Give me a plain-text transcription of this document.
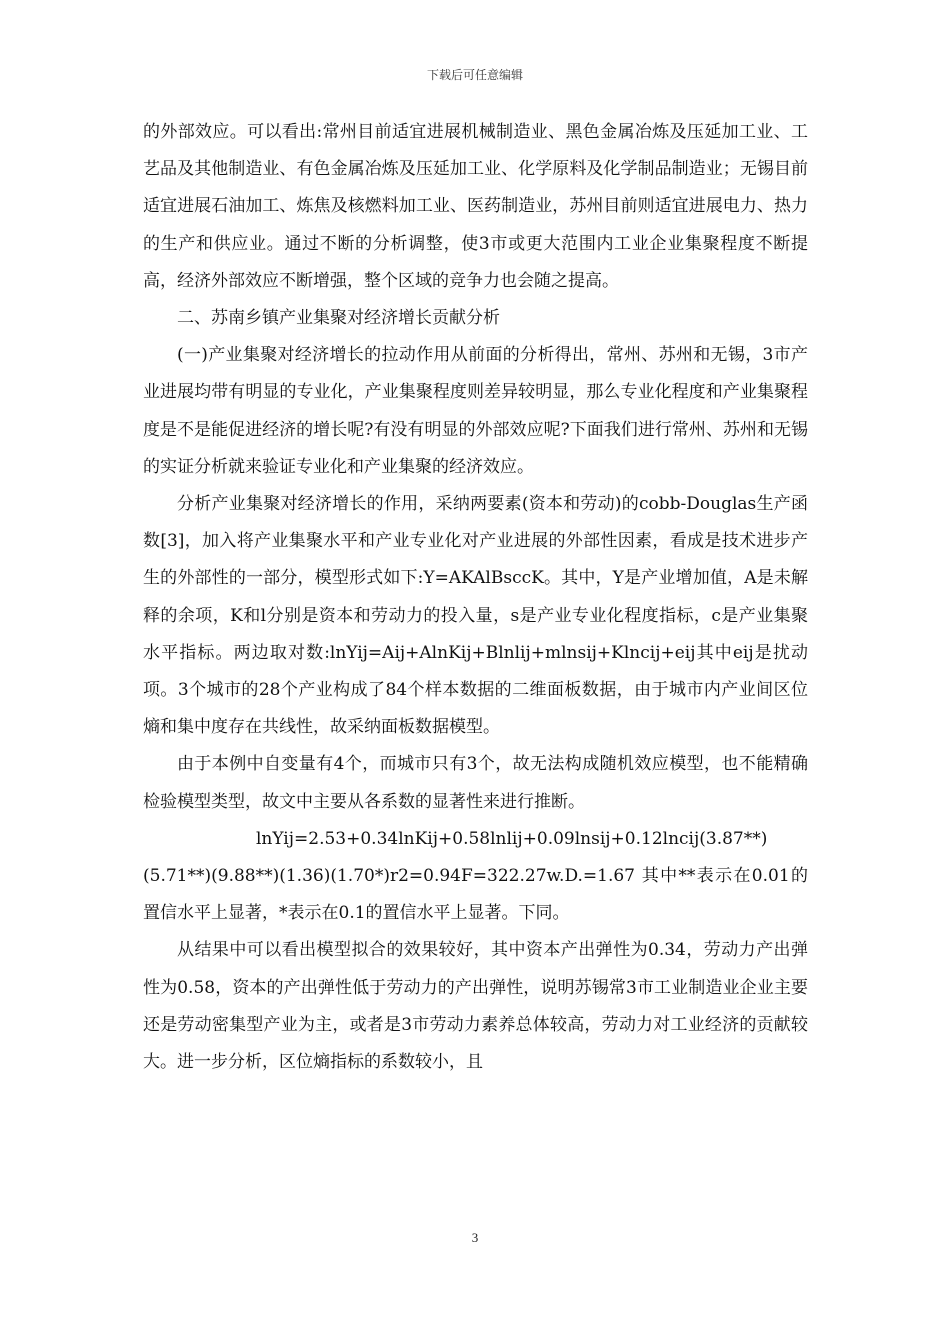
下载后可任意编辑

的外部效应。可以看出:常州目前适宜进展机械制造业、黑色金属冶炼及压延加工业、工艺品及其他制造业、有色金属冶炼及压延加工业、化学原料及化学制品制造业；无锡目前适宜进展石油加工、炼焦及核燃料加工业、医药制造业，苏州目前则适宜进展电力、热力的生产和供应业。通过不断的分析调整，使3市或更大范围内工业企业集聚程度不断提高，经济外部效应不断增强，整个区域的竞争力也会随之提高。

二、苏南乡镇产业集聚对经济增长贡献分析

(一)产业集聚对经济增长的拉动作用从前面的分析得出，常州、苏州和无锡，3市产业进展均带有明显的专业化，产业集聚程度则差异较明显，那么专业化程度和产业集聚程度是不是能促进经济的增长呢?有没有明显的外部效应呢?下面我们进行常州、苏州和无锡的实证分析就来验证专业化和产业集聚的经济效应。

分析产业集聚对经济增长的作用，采纳两要素(资本和劳动)的cobb-Douglas生产函数[3]，加入将产业集聚水平和产业专业化对产业进展的外部性因素，看成是技术进步产生的外部性的一部分，模型形式如下:Y=AKAlBsccK。其中，Y是产业增加值，A是未解释的余项，K和l分别是资本和劳动力的投入量，s是产业专业化程度指标，c是产业集聚水平指标。两边取对数:lnYij=Aij+AlnKij+Blnlij+mlnsij+Klncij+eij其中eij是扰动项。3个城市的28个产业构成了84个样本数据的二维面板数据，由于城市内产业间区位熵和集中度存在共线性，故采纳面板数据模型。

由于本例中自变量有4个，而城市只有3个，故无法构成随机效应模型，也不能精确检验模型类型，故文中主要从各系数的显著性来进行推断。

lnYij=2.53+0.34lnKij+0.58lnlij+0.09lnsij+0.12lncij(3.87**)
(5.71**)(9.88**)(1.36)(1.70*)r2=0.94F=322.27w.D.=1.67 其中**表示在0.01的置信水平上显著，*表示在0.1的置信水平上显著。下同。

从结果中可以看出模型拟合的效果较好，其中资本产出弹性为0.34，劳动力产出弹性为0.58，资本的产出弹性低于劳动力的产出弹性，说明苏锡常3市工业制造业企业主要还是劳动密集型产业为主，或者是3市劳动力素养总体较高，劳动力对工业经济的贡献较大。进一步分析，区位熵指标的系数较小，且

3
